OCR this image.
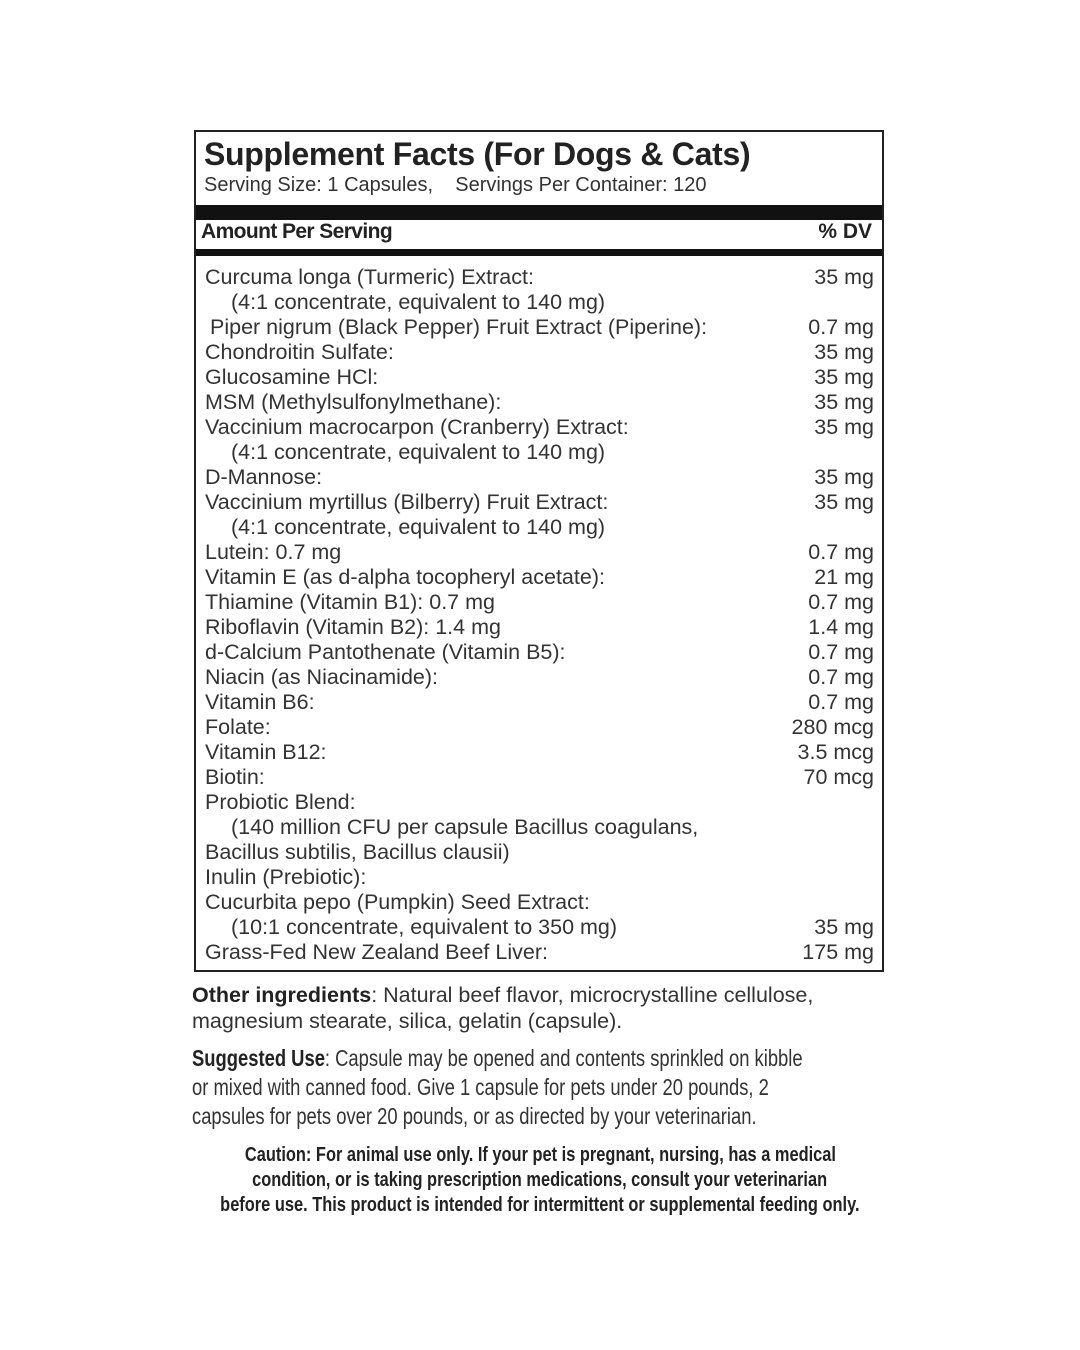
Supplement Facts (For Dogs & Cats)
Serving Size: 1 Capsules,    Servings Per Container: 120
Amount Per Serving	% DV
Curcuma longa (Turmeric) Extract:	35 mg
(4:1 concentrate, equivalent to 140 mg)
Piper nigrum (Black Pepper) Fruit Extract (Piperine):	0.7 mg
Chondroitin Sulfate:	35 mg
Glucosamine HCl:	35 mg
MSM (Methylsulfonylmethane):	35 mg
Vaccinium macrocarpon (Cranberry) Extract:	35 mg
(4:1 concentrate, equivalent to 140 mg)
D-Mannose:	35 mg
Vaccinium myrtillus (Bilberry) Fruit Extract:	35 mg
(4:1 concentrate, equivalent to 140 mg)
Lutein: 0.7 mg	0.7 mg
Vitamin E (as d-alpha tocopheryl acetate):	21 mg
Thiamine (Vitamin B1): 0.7 mg	0.7 mg
Riboflavin (Vitamin B2): 1.4 mg	1.4 mg
d-Calcium Pantothenate (Vitamin B5):	0.7 mg
Niacin (as Niacinamide):	0.7 mg
Vitamin B6:	0.7 mg
Folate:	280 mcg
Vitamin B12:	3.5 mcg
Biotin:	70 mcg
Probiotic Blend:
(140 million CFU per capsule Bacillus coagulans,
Bacillus subtilis, Bacillus clausii)
Inulin (Prebiotic):
Cucurbita pepo (Pumpkin) Seed Extract:
(10:1 concentrate, equivalent to 350 mg)	35 mg
Grass-Fed New Zealand Beef Liver:	175 mg
Other ingredients: Natural beef flavor, microcrystalline cellulose,
magnesium stearate, silica, gelatin (capsule).
Suggested Use: Capsule may be opened and contents sprinkled on kibble
or mixed with canned food. Give 1 capsule for pets under 20 pounds, 2
capsules for pets over 20 pounds, or as directed by your veterinarian.
Caution: For animal use only. If your pet is pregnant, nursing, has a medical
condition, or is taking prescription medications, consult your veterinarian
before use. This product is intended for intermittent or supplemental feeding only.
